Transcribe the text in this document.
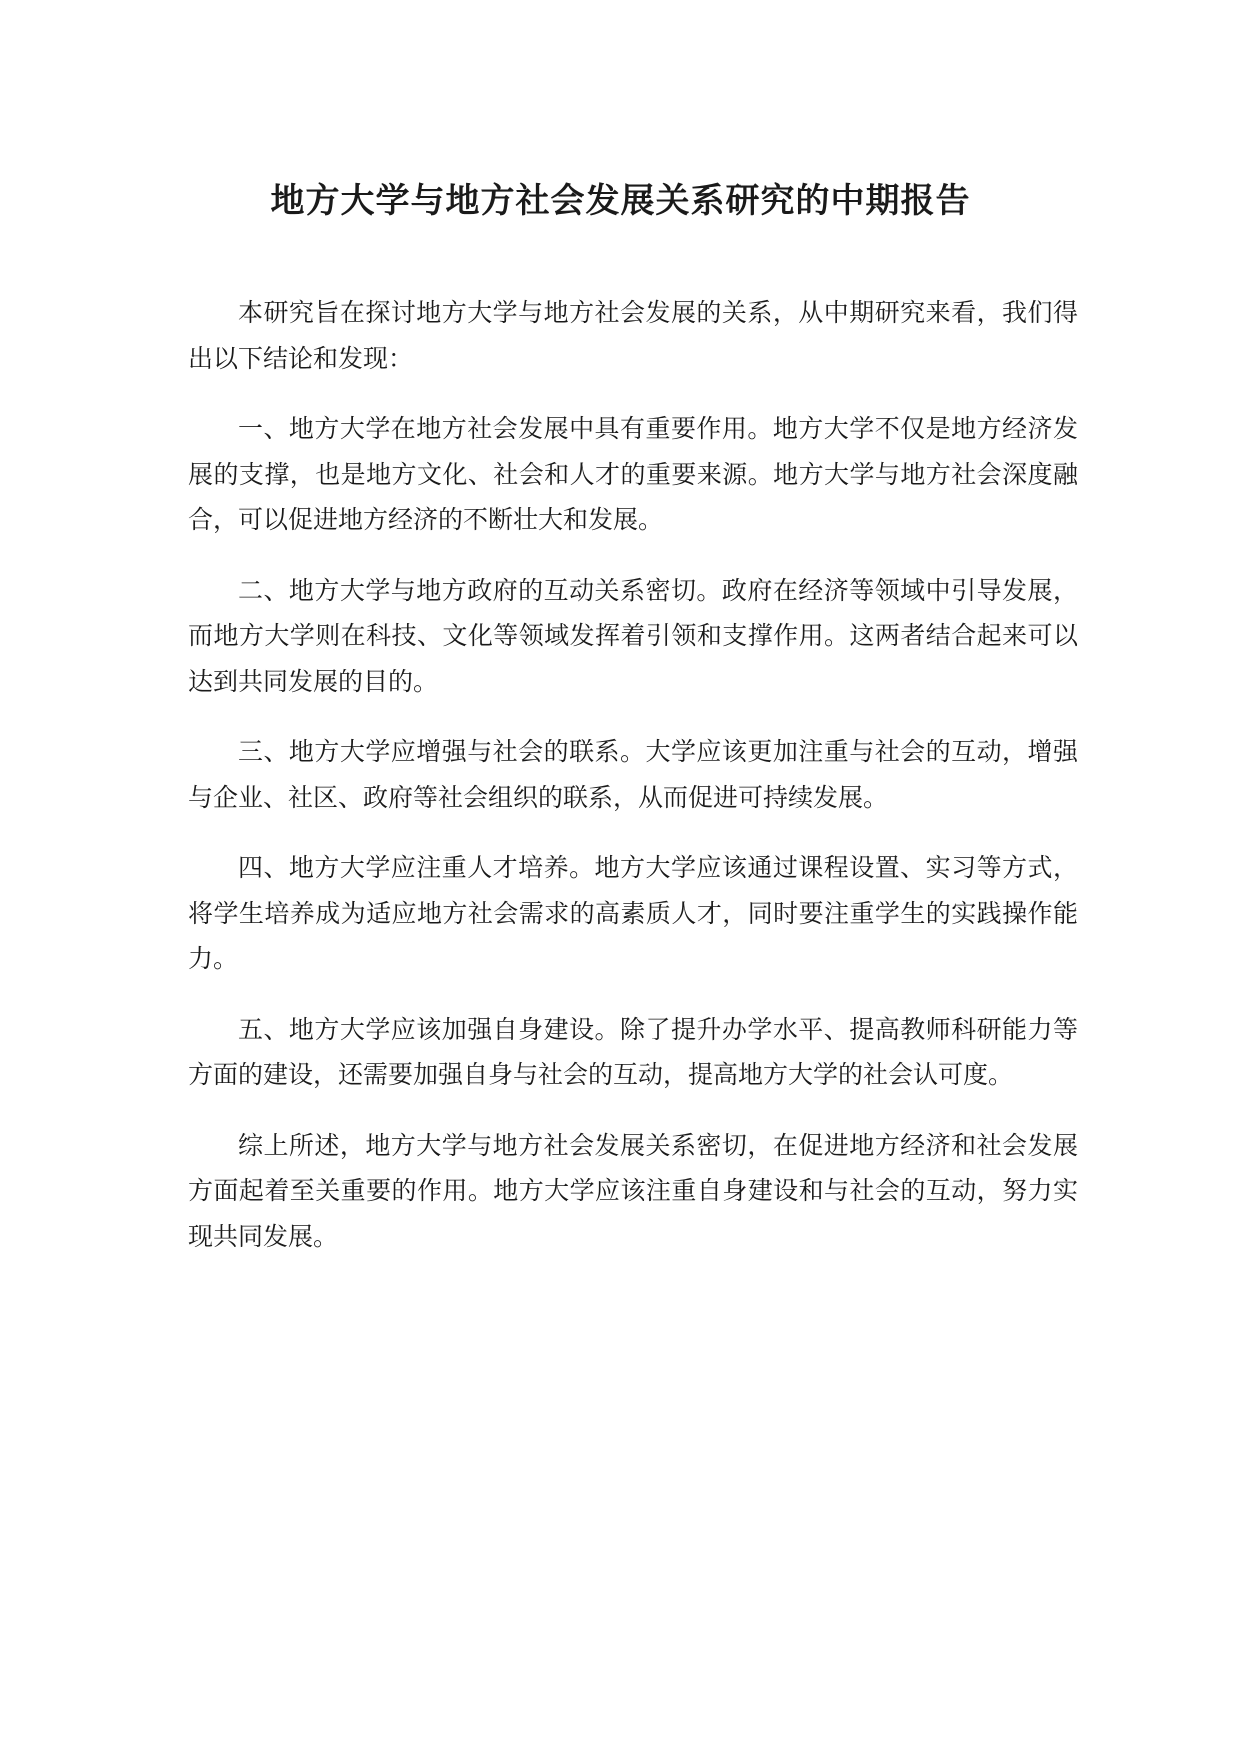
地方大学与地方社会发展关系研究的中期报告

本研究旨在探讨地方大学与地方社会发展的关系，从中期研究来看，我们得出以下结论和发现：

一、地方大学在地方社会发展中具有重要作用。地方大学不仅是地方经济发展的支撑，也是地方文化、社会和人才的重要来源。地方大学与地方社会深度融合，可以促进地方经济的不断壮大和发展。

二、地方大学与地方政府的互动关系密切。政府在经济等领域中引导发展，而地方大学则在科技、文化等领域发挥着引领和支撑作用。这两者结合起来可以达到共同发展的目的。

三、地方大学应增强与社会的联系。大学应该更加注重与社会的互动，增强与企业、社区、政府等社会组织的联系，从而促进可持续发展。

四、地方大学应注重人才培养。地方大学应该通过课程设置、实习等方式，将学生培养成为适应地方社会需求的高素质人才，同时要注重学生的实践操作能力。

五、地方大学应该加强自身建设。除了提升办学水平、提高教师科研能力等方面的建设，还需要加强自身与社会的互动，提高地方大学的社会认可度。

综上所述，地方大学与地方社会发展关系密切，在促进地方经济和社会发展方面起着至关重要的作用。地方大学应该注重自身建设和与社会的互动，努力实现共同发展。
